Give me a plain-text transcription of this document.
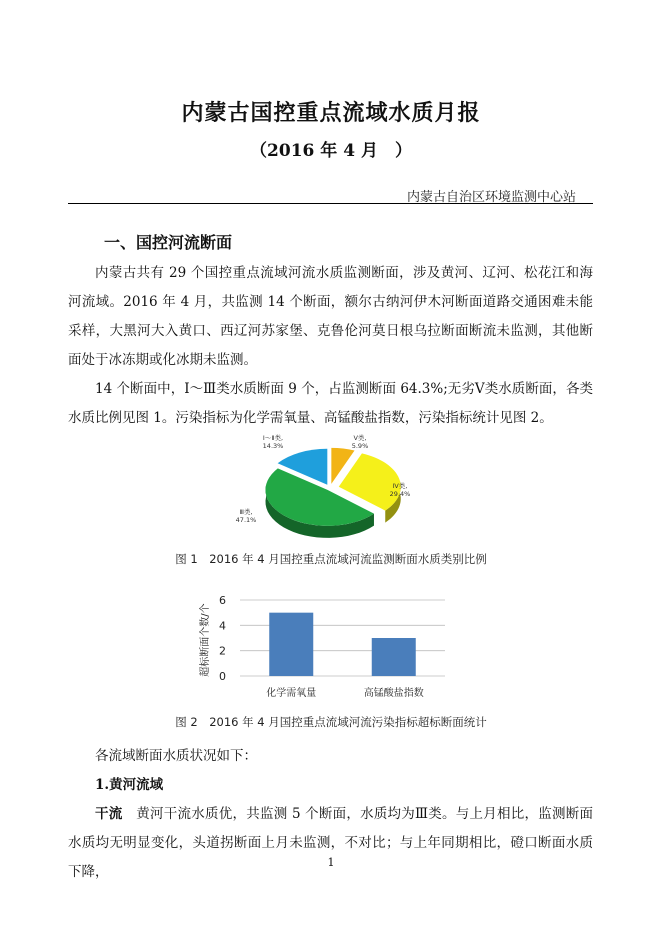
内蒙古国控重点流域水质月报
（2016 年 4 月　）
内蒙古自治区环境监测中心站
一、国控河流断面

内蒙古共有 29 个国控重点流域河流水质监测断面，涉及黄河、辽河、松花江和海河流域。2016 年 4 月，共监测 14 个断面，额尔古纳河伊木河断面道路交通困难未能采样，大黑河大入黄口、西辽河苏家堡、克鲁伦河莫日根乌拉断面断流未监测，其他断面处于冰冻期或化冰期未监测。

14 个断面中，Ⅰ～Ⅲ类水质断面 9 个，占监测断面 64.3%;无劣Ⅴ类水质断面，各类水质比例见图 1。污染指标为化学需氧量、高锰酸盐指数，污染指标统计见图 2。

Ⅰ～Ⅱ类,
14.3%
Ⅴ类,
5.9%
Ⅳ类,
29.4%
Ⅲ类,
47.1%
图 1　2016 年 4 月国控重点流域河流监测断面水质类别比例
0
2
4
6
超标断面个数/个
化学需氧量	高锰酸盐指数
图 2　2016 年 4 月国控重点流域河流污染指标超标断面统计

各流域断面水质状况如下：

1.黄河流域

干流　黄河干流水质优，共监测 5 个断面，水质均为Ⅲ类。与上月相比，监测断面水质均无明显变化，头道拐断面上月未监测，不对比；与上年同期相比，磴口断面水质下降，

1
